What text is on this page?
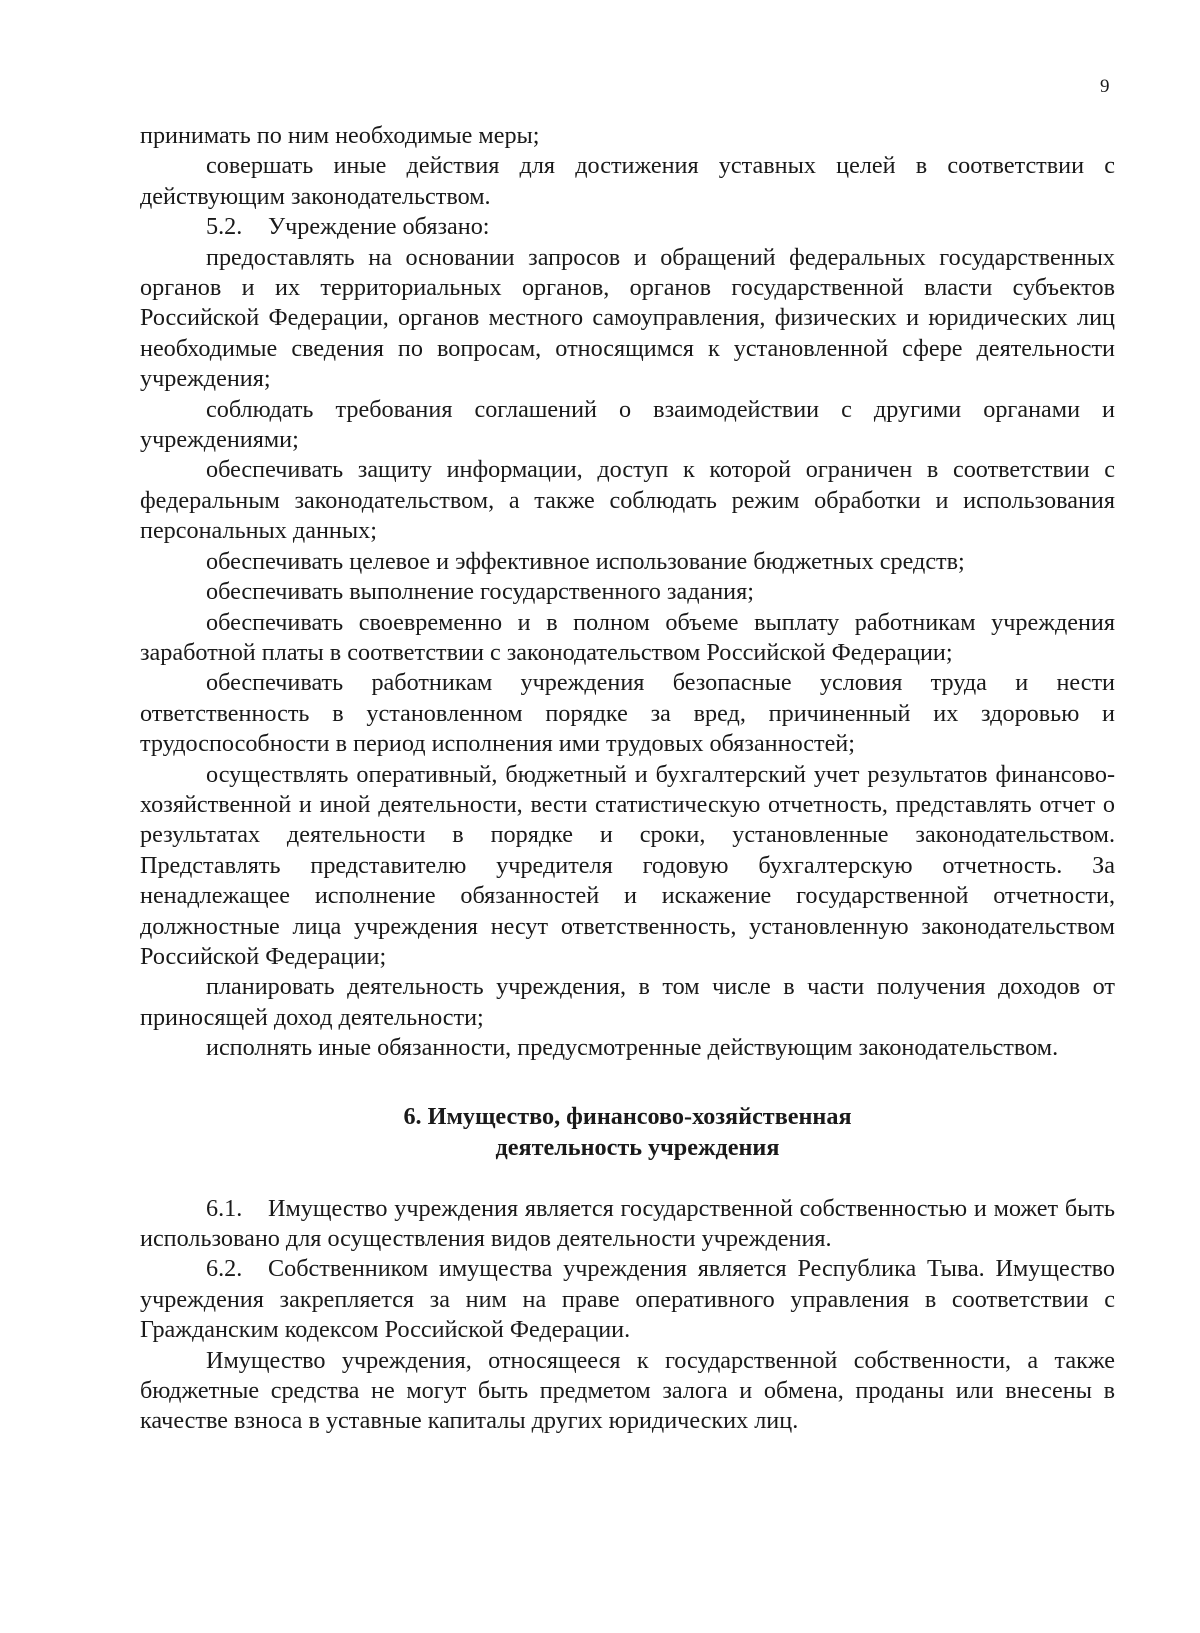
9

принимать по ним необходимые меры;

совершать иные действия для достижения уставных целей в соответствии с действующим законодательством.

5.2. Учреждение обязано:

предоставлять на основании запросов и обращений федеральных государственных органов и их территориальных органов, органов государственной власти субъектов Российской Федерации, органов местного самоуправления, физических и юридических лиц необходимые сведения по вопросам, относящимся к установленной сфере деятельности учреждения;

соблюдать требования соглашений о взаимодействии с другими органами и учреждениями;

обеспечивать защиту информации, доступ к которой ограничен в соответствии с федеральным законодательством, а также соблюдать режим обработки и использования персональных данных;

обеспечивать целевое и эффективное использование бюджетных средств;

обеспечивать выполнение государственного задания;

обеспечивать своевременно и в полном объеме выплату работникам учреждения заработной платы в соответствии с законодательством Российской Федерации;

обеспечивать работникам учреждения безопасные условия труда и нести ответственность в установленном порядке за вред, причиненный их здоровью и трудоспособности в период исполнения ими трудовых обязанностей;

осуществлять оперативный, бюджетный и бухгалтерский учет результатов финансово-хозяйственной и иной деятельности, вести статистическую отчетность, представлять отчет о результатах деятельности в порядке и сроки, установленные законодательством. Представлять представителю учредителя годовую бухгалтерскую отчетность. За ненадлежащее исполнение обязанностей и искажение государственной отчетности, должностные лица учреждения несут ответственность, установленную законодательством Российской Федерации;

планировать деятельность учреждения, в том числе в части получения доходов от приносящей доход деятельности;

исполнять иные обязанности, предусмотренные действующим законодательством.

6. Имущество, финансово-хозяйственная
деятельность учреждения

6.1. Имущество учреждения является государственной собственностью и может быть использовано для осуществления видов деятельности учреждения.

6.2. Собственником имущества учреждения является Республика Тыва. Имущество учреждения закрепляется за ним на праве оперативного управления в соответствии с Гражданским кодексом Российской Федерации.

Имущество учреждения, относящееся к государственной собственности, а также бюджетные средства не могут быть предметом залога и обмена, проданы или внесены в качестве взноса в уставные капиталы других юридических лиц.
